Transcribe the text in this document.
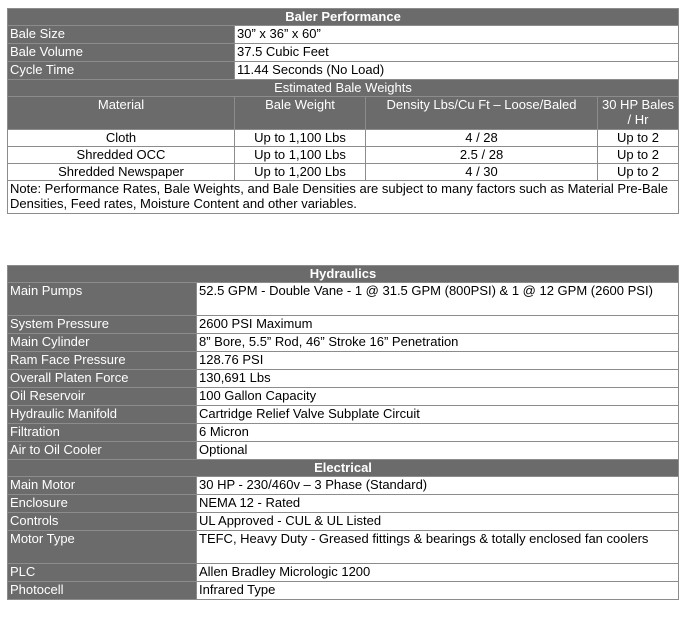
Baler Performance			
Bale Size	30” x 36” x 60”		
Bale Volume	37.5 Cubic Feet		
Cycle Time	11.44 Seconds (No Load)		
Estimated Bale Weights			
Material	Bale Weight	Density Lbs/Cu Ft – Loose/Baled	30 HP Bales / Hr
Cloth	Up to 1,100 Lbs	4 / 28	Up to 2
Shredded OCC	Up to 1,100 Lbs	2.5 / 28	Up to 2
Shredded Newspaper	Up to 1,200 Lbs	4 / 30	Up to 2
Note: Performance Rates, Bale Weights, and Bale Densities are subject to many factors such as Material Pre-Bale Densities, Feed rates, Moisture Content and other variables.			
Hydraulics	
Main Pumps	52.5 GPM - Double Vane - 1 @ 31.5 GPM (800PSI) & 1 @ 12 GPM (2600 PSI)
System Pressure	2600 PSI Maximum
Main Cylinder	8” Bore, 5.5” Rod, 46” Stroke 16” Penetration
Ram Face Pressure	128.76 PSI
Overall Platen Force	130,691 Lbs
Oil Reservoir	100 Gallon Capacity
Hydraulic Manifold	Cartridge Relief Valve Subplate Circuit
Filtration	6 Micron
Air to Oil Cooler	Optional
Electrical	
Main Motor	30 HP - 230/460v – 3 Phase (Standard)
Enclosure	NEMA 12 - Rated
Controls	UL Approved - CUL & UL Listed
Motor Type	TEFC, Heavy Duty - Greased fittings & bearings & totally enclosed fan coolers
PLC	Allen Bradley Micrologic 1200
Photocell	Infrared Type
